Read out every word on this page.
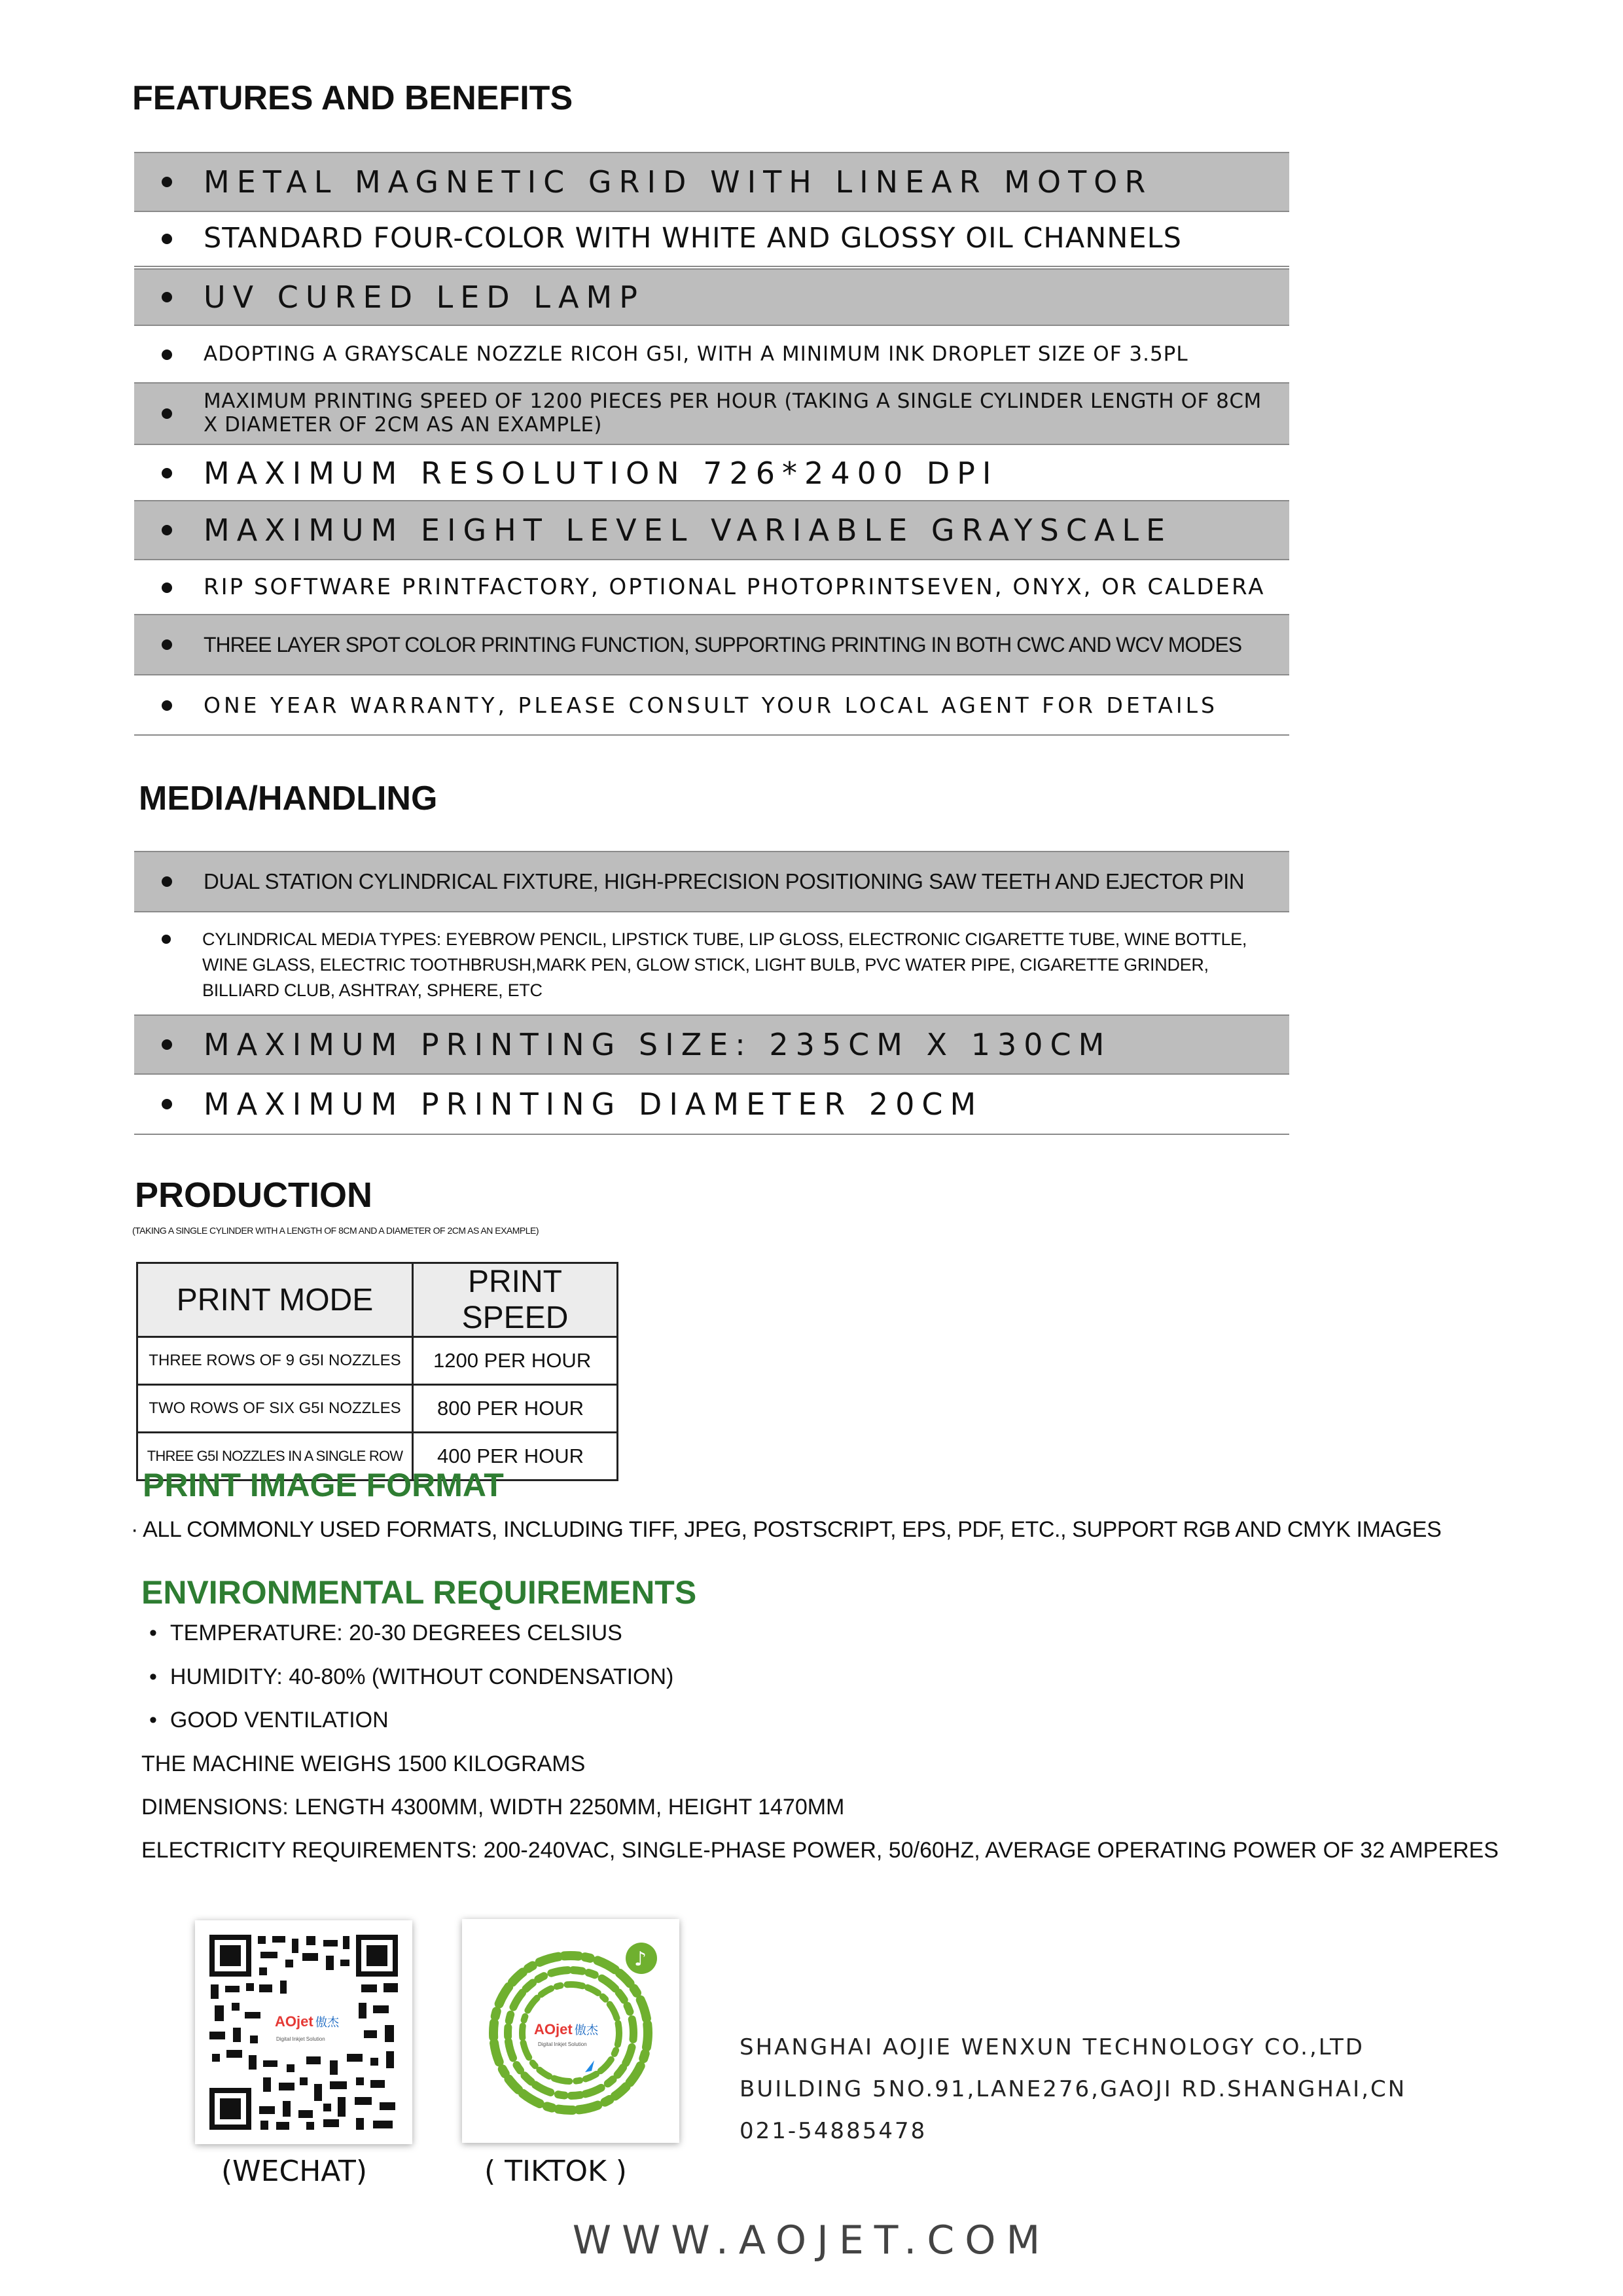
FEATURES AND BENEFITS
METAL MAGNETIC GRID WITH LINEAR MOTOR
STANDARD FOUR-COLOR WITH WHITE AND GLOSSY OIL CHANNELS
UV CURED LED LAMP
ADOPTING A GRAYSCALE NOZZLE RICOH G5I, WITH A MINIMUM INK DROPLET SIZE OF 3.5PL
MAXIMUM PRINTING SPEED OF 1200 PIECES PER HOUR (TAKING A SINGLE CYLINDER LENGTH OF 8CM X DIAMETER OF 2CM AS AN EXAMPLE)
MAXIMUM RESOLUTION 726*2400 DPI
MAXIMUM EIGHT LEVEL VARIABLE GRAYSCALE
RIP SOFTWARE PRINTFACTORY, OPTIONAL PHOTOPRINTSEVEN, ONYX, OR CALDERA
THREE LAYER SPOT COLOR PRINTING FUNCTION, SUPPORTING PRINTING IN BOTH CWC AND WCV MODES
ONE YEAR WARRANTY, PLEASE CONSULT YOUR LOCAL AGENT FOR DETAILS
MEDIA/HANDLING
DUAL STATION CYLINDRICAL FIXTURE, HIGH-PRECISION POSITIONING SAW TEETH AND EJECTOR PIN
CYLINDRICAL MEDIA TYPES: EYEBROW PENCIL, LIPSTICK TUBE, LIP GLOSS, ELECTRONIC CIGARETTE TUBE, WINE BOTTLE, WINE GLASS, ELECTRIC TOOTHBRUSH,MARK PEN, GLOW STICK, LIGHT BULB, PVC WATER PIPE, CIGARETTE GRINDER, BILLIARD CLUB, ASHTRAY, SPHERE, ETC
MAXIMUM PRINTING SIZE: 235CM X 130CM
MAXIMUM PRINTING DIAMETER 20CM
PRODUCTION
(TAKING A SINGLE CYLINDER WITH A LENGTH OF 8CM AND A DIAMETER OF 2CM AS AN EXAMPLE)
PRINT MODE	PRINT SPEED
THREE ROWS OF 9 G5I NOZZLES	1200 PER HOUR
TWO ROWS OF SIX G5I NOZZLES	800 PER HOUR
THREE G5I NOZZLES IN A SINGLE ROW	400 PER HOUR
PRINT IMAGE FORMAT
· ALL COMMONLY USED FORMATS, INCLUDING TIFF, JPEG, POSTSCRIPT, EPS, PDF, ETC., SUPPORT RGB AND CMYK IMAGES
ENVIRONMENTAL REQUIREMENTS
• TEMPERATURE: 20-30 DEGREES CELSIUS
• HUMIDITY: 40-80% (WITHOUT CONDENSATION)
• GOOD VENTILATION
THE MACHINE WEIGHS 1500 KILOGRAMS
DIMENSIONS: LENGTH 4300MM, WIDTH 2250MM, HEIGHT 1470MM
ELECTRICITY REQUIREMENTS: 200-240VAC, SINGLE-PHASE POWER, 50/60HZ, AVERAGE OPERATING POWER OF 32 AMPERES
AOjet 傲杰
Digital Inkjet Solution
(WECHAT)
♪
AOjet 傲杰
Digital Inkjet Solution
( TIKTOK )
SHANGHAI AOJIE WENXUN TECHNOLOGY CO.,LTD
BUILDING 5NO.91,LANE276,GAOJI RD.SHANGHAI,CN
021-54885478
WWW.AOJET.COM
